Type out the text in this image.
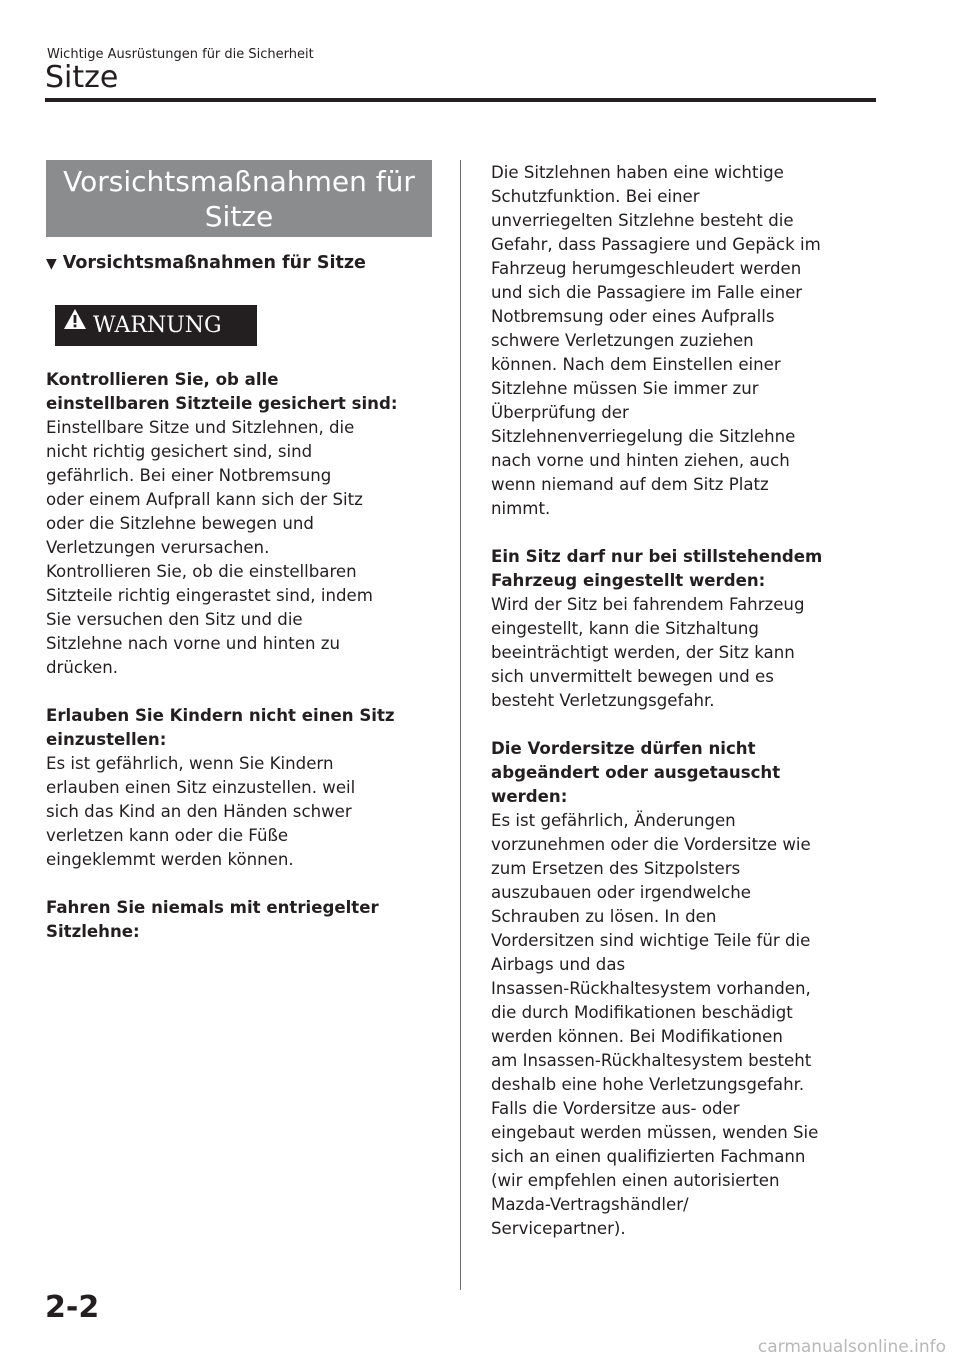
Wichtige Ausrüstungen für die Sicherheit
Sitze
Vorsichtsmaßnahmen für
Sitze
▼ Vorsichtsmaßnahmen für Sitze
WARNUNG

Kontrollieren Sie, ob alle
einstellbaren Sitzteile gesichert sind:

Einstellbare Sitze und Sitzlehnen, die
nicht richtig gesichert sind, sind
gefährlich. Bei einer Notbremsung
oder einem Aufprall kann sich der Sitz
oder die Sitzlehne bewegen und
Verletzungen verursachen.
Kontrollieren Sie, ob die einstellbaren
Sitzteile richtig eingerastet sind, indem
Sie versuchen den Sitz und die
Sitzlehne nach vorne und hinten zu
drücken.

Erlauben Sie Kindern nicht einen Sitz
einzustellen:

Es ist gefährlich, wenn Sie Kindern
erlauben einen Sitz einzustellen. weil
sich das Kind an den Händen schwer
verletzen kann oder die Füße
eingeklemmt werden können.

Fahren Sie niemals mit entriegelter
Sitzlehne:

Die Sitzlehnen haben eine wichtige
Schutzfunktion. Bei einer
unverriegelten Sitzlehne besteht die
Gefahr, dass Passagiere und Gepäck im
Fahrzeug herumgeschleudert werden
und sich die Passagiere im Falle einer
Notbremsung oder eines Aufpralls
schwere Verletzungen zuziehen
können. Nach dem Einstellen einer
Sitzlehne müssen Sie immer zur
Überprüfung der
Sitzlehnenverriegelung die Sitzlehne
nach vorne und hinten ziehen, auch
wenn niemand auf dem Sitz Platz
nimmt.

Ein Sitz darf nur bei stillstehendem
Fahrzeug eingestellt werden:

Wird der Sitz bei fahrendem Fahrzeug
eingestellt, kann die Sitzhaltung
beeinträchtigt werden, der Sitz kann
sich unvermittelt bewegen und es
besteht Verletzungsgefahr.

Die Vordersitze dürfen nicht
abgeändert oder ausgetauscht
werden:

Es ist gefährlich, Änderungen
vorzunehmen oder die Vordersitze wie
zum Ersetzen des Sitzpolsters
auszubauen oder irgendwelche
Schrauben zu lösen. In den
Vordersitzen sind wichtige Teile für die
Airbags und das
Insassen-Rückhaltesystem vorhanden,
die durch Modifikationen beschädigt
werden können. Bei Modifikationen
am Insassen-Rückhaltesystem besteht
deshalb eine hohe Verletzungsgefahr.
Falls die Vordersitze aus- oder
eingebaut werden müssen, wenden Sie
sich an einen qualifizierten Fachmann
(wir empfehlen einen autorisierten
Mazda-Vertragshändler/
Servicepartner).

2-2
carmanualsonline.info
